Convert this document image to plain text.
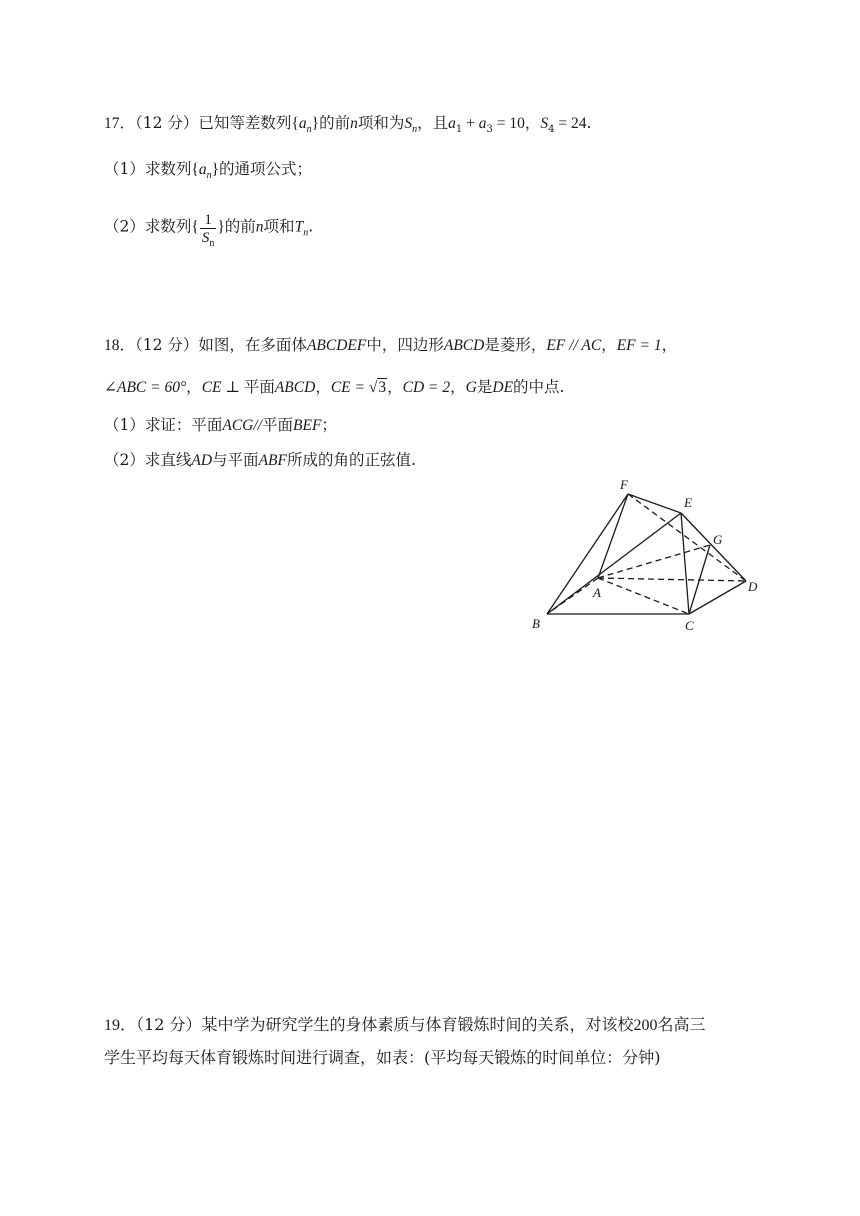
17．（12 分）已知等差数列$\{a_n\}$的前n项和为$S_n$，且$a_1 + a_3 = 10$，$S_4 = 24$.
（1）求数列$\{a_n\}$的通项公式；
（2）求数列{ $\frac{1}{S_n}$ }的前n项和$T_n$.
18．（12 分）如图，在多面体ABCDEF中，四边形ABCD是菱形，EF // AC，EF = 1，
∠ABC = 60°，CE ⊥ 平面ABCD，CE = √3，CD = 2，G是DE的中点.
（1）求证：平面ACG//平面BEF；
（2）求直线AD与平面ABF所成的角的正弦值.
F
E
G
A	D
B	C
19．（12 分）某中学为研究学生的身体素质与体育锻炼时间的关系，对该校200名高三
学生平均每天体育锻炼时间进行调查，如表：(平均每天锻炼的时间单位：分钟)
